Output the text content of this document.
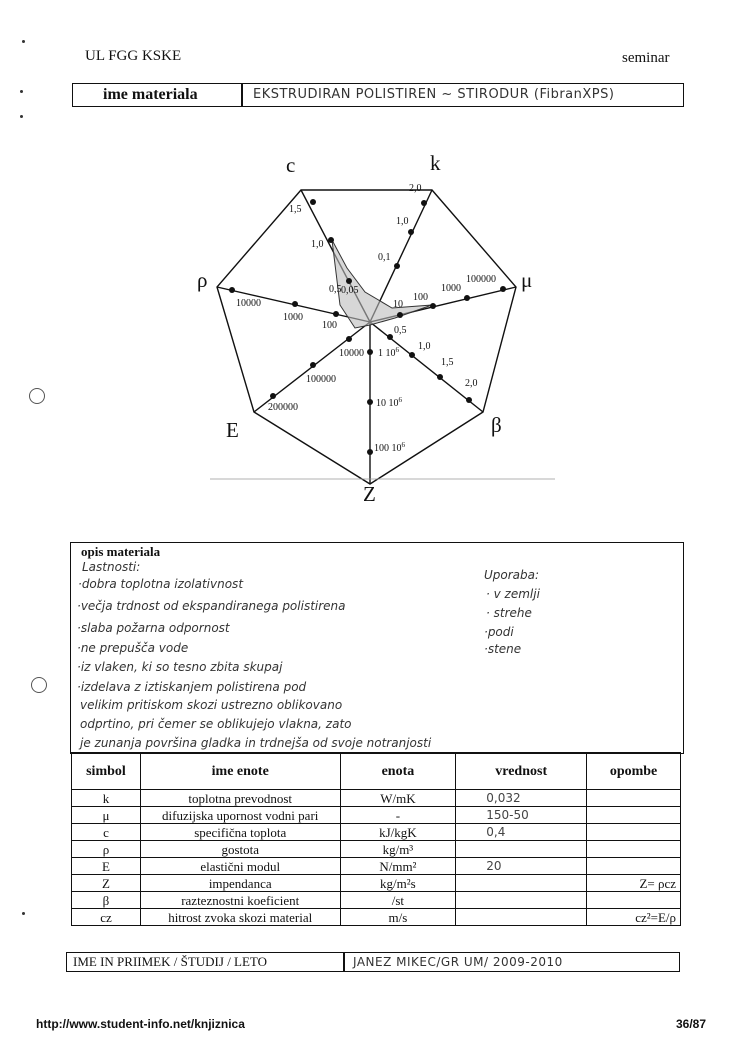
UL FGG KSKE	seminar
ime materiala	EKSTRUDIRAN POLISTIREN ~ STIRODUR (FibranXPS)
c	k
μ
ρ
E	β
Z
2,0
1,0
0,1
1,5
1,0
0,5 0,05
100000
1000
100
10
10000
1000
100
200000
100000
10000
100 $10^6$
10 $10^6$
1 $10^6$
2,0
1,5
1,0
0,5
opis materiala
Lastnosti:
·dobra toplotna izolativnost
·večja trdnost od ekspandiranega polistirena
·slaba požarna odpornost
·ne prepušča vode
·iz vlaken, ki so tesno zbita skupaj
·izdelava z iztiskanjem polistirena pod
velikim pritiskom skozi ustrezno oblikovano
odprtino, pri čemer se oblikujejo vlakna, zato
je zunanja površina gladka in trdnejša od svoje notranjosti
Uporaba:
· v zemlji
· strehe
·podi
·stene
simbol	ime enote	enota	vrednost	opombe
k	toplotna prevodnost	W/mK	0,032	
μ	difuzijska upornost vodni pari	-	150-50	
c	specifična toplota	kJ/kgK	0,4	
ρ	gostota	kg/m³		
E	elastični modul	N/mm²	20	
Z	impendanca	kg/m²s		Z= ρcz
β	razteznostni koeficient	/st		
cz	hitrost zvoka skozi material	m/s		cz²=E/ρ
IME IN PRIIMEK / ŠTUDIJ / LETO	JANEZ MIKEC/GR UM/ 2009-2010
http://www.student-info.net/knjiznica	36/87
